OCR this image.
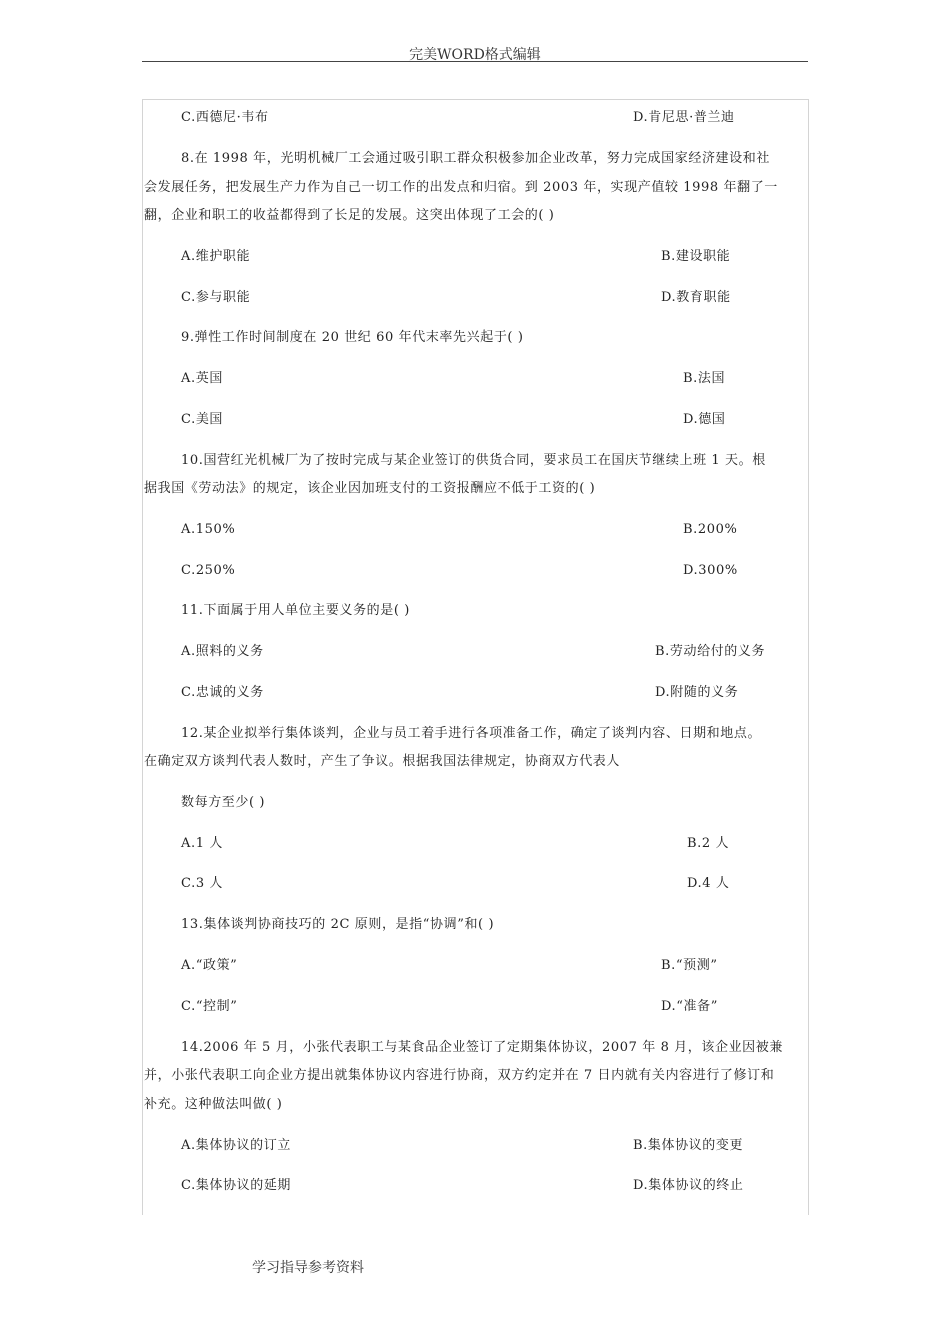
完美WORD格式编辑
C.西德尼·韦布	D.肯尼思·普兰迪
8.在 1998 年，光明机械厂工会通过吸引职工群众积极参加企业改革，努力完成国家经济建设和社
会发展任务，把发展生产力作为自己一切工作的出发点和归宿。到 2003 年，实现产值较 1998 年翻了一
翻，企业和职工的收益都得到了长足的发展。这突出体现了工会的( )
A.维护职能	B.建设职能
C.参与职能	D.教育职能
9.弹性工作时间制度在 20 世纪 60 年代末率先兴起于( )
A.英国	B.法国
C.美国	D.德国
10.国营红光机械厂为了按时完成与某企业签订的供货合同，要求员工在国庆节继续上班 1 天。根
据我国《劳动法》的规定，该企业因加班支付的工资报酬应不低于工资的( )
A.150%	B.200%
C.250%	D.300%
11.下面属于用人单位主要义务的是( )
A.照料的义务	B.劳动给付的义务
C.忠诚的义务	D.附随的义务
12.某企业拟举行集体谈判，企业与员工着手进行各项准备工作，确定了谈判内容、日期和地点。
在确定双方谈判代表人数时，产生了争议。根据我国法律规定，协商双方代表人
数每方至少( )
A.1 人	B.2 人
C.3 人	D.4 人
13.集体谈判协商技巧的 2C 原则，是指“协调”和( )
A.“政策”	B.“预测”
C.“控制”	D.“准备”
14.2006 年 5 月，小张代表职工与某食品企业签订了定期集体协议，2007 年 8 月，该企业因被兼
并，小张代表职工向企业方提出就集体协议内容进行协商，双方约定并在 7 日内就有关内容进行了修订和
补充。这种做法叫做( )
A.集体协议的订立	B.集体协议的变更
C.集体协议的延期	D.集体协议的终止
学习指导参考资料
